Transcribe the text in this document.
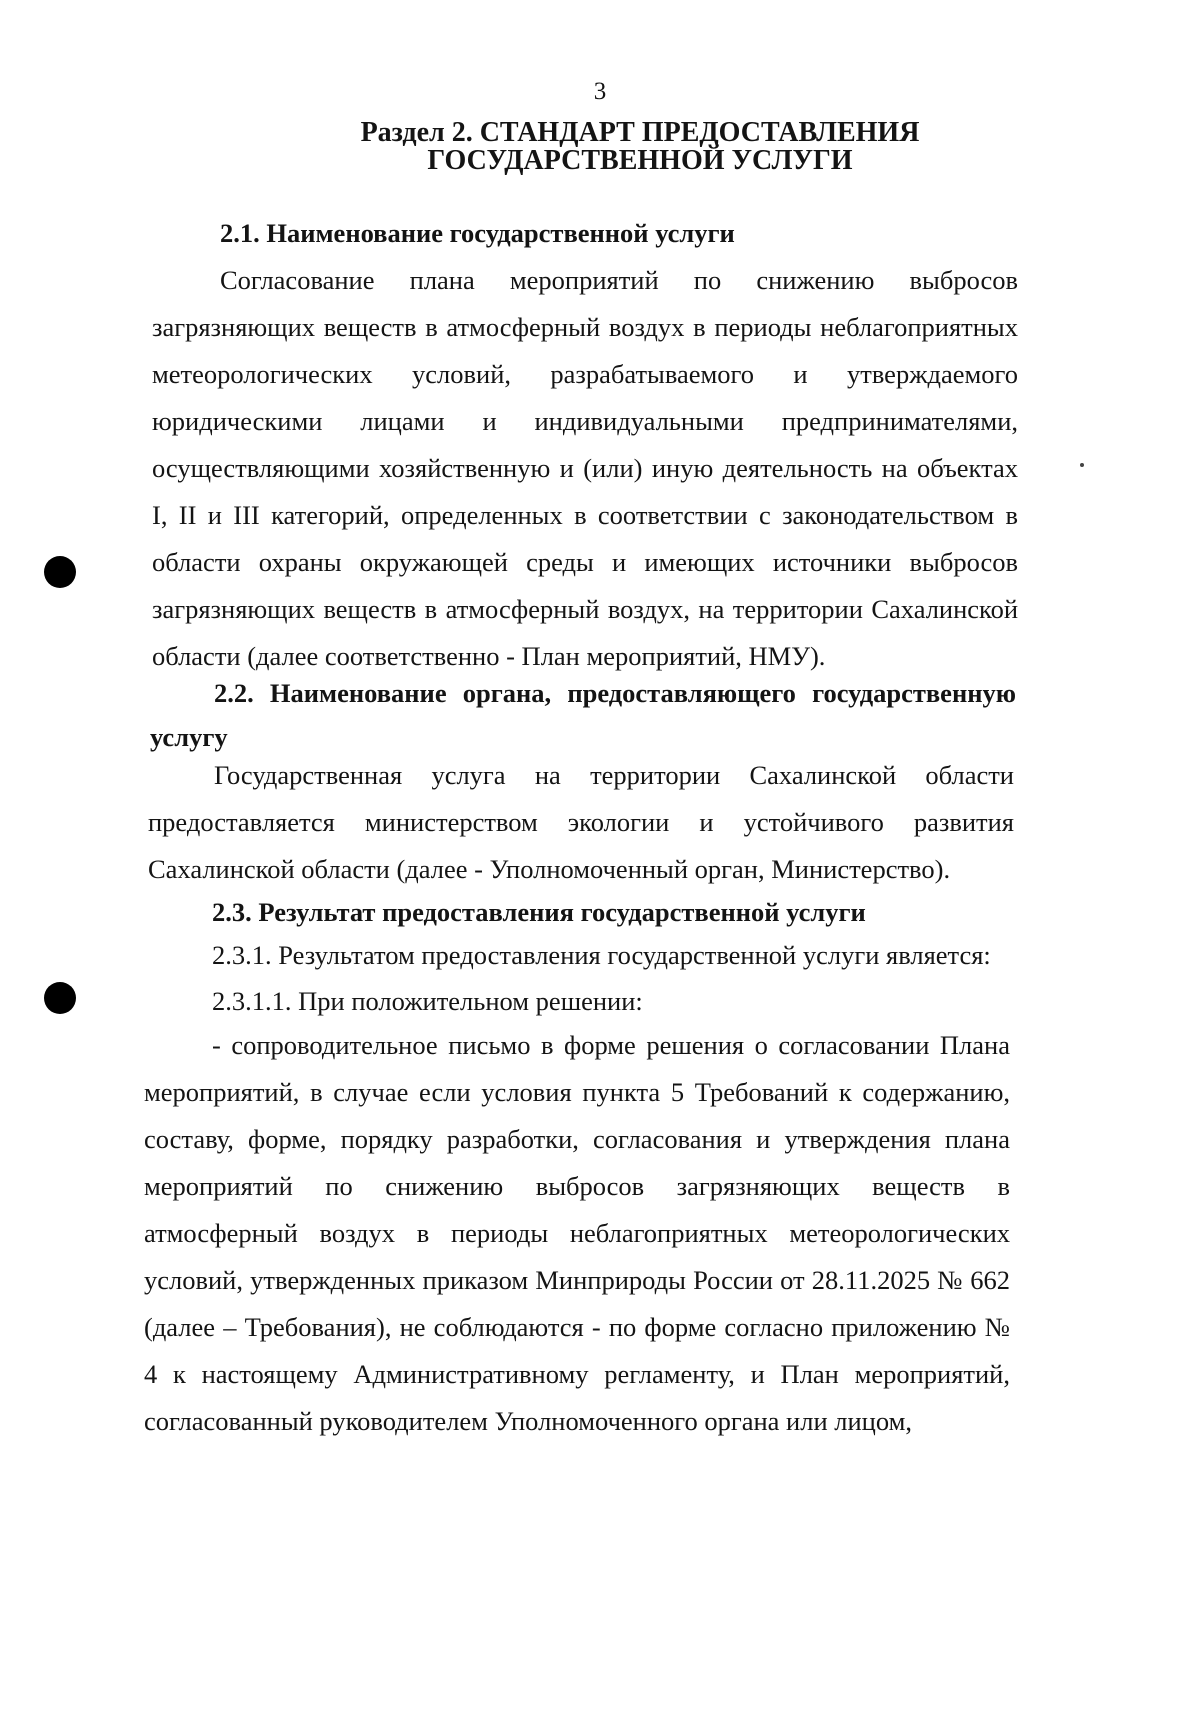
3
Раздел 2. СТАНДАРТ ПРЕДОСТАВЛЕНИЯ
ГОСУДАРСТВЕННОЙ УСЛУГИ
2.1. Наименование государственной услуги
Согласование плана мероприятий по снижению выбросов загрязняющих веществ в атмосферный воздух в периоды неблагоприятных метеорологических условий, разрабатываемого и утверждаемого юридическими лицами и индивидуальными предпринимателями, осуществляющими хозяйственную и (или) иную деятельность на объектах I, II и III категорий, определенных в соответствии с законодательством в области охраны окружающей среды и имеющих источники выбросов загрязняющих веществ в атмосферный воздух, на территории Сахалинской области (далее соответственно - План мероприятий, НМУ).
2.2. Наименование органа, предоставляющего государственную услугу
Государственная услуга на территории Сахалинской области предоставляется министерством экологии и устойчивого развития Сахалинской области (далее - Уполномоченный орган, Министерство).
2.3. Результат предоставления государственной услуги
2.3.1. Результатом предоставления государственной услуги является:
2.3.1.1. При положительном решении:
- сопроводительное письмо в форме решения о согласовании Плана мероприятий, в случае если условия пункта 5 Требований к содержанию, составу, форме, порядку разработки, согласования и утверждения плана мероприятий по снижению выбросов загрязняющих веществ в атмосферный воздух в периоды неблагоприятных метеорологических условий, утвержденных приказом Минприроды России от 28.11.2025 № 662 (далее – Требования), не соблюдаются - по форме согласно приложению № 4 к настоящему Административному регламенту, и План мероприятий, согласованный руководителем Уполномоченного органа или лицом,
